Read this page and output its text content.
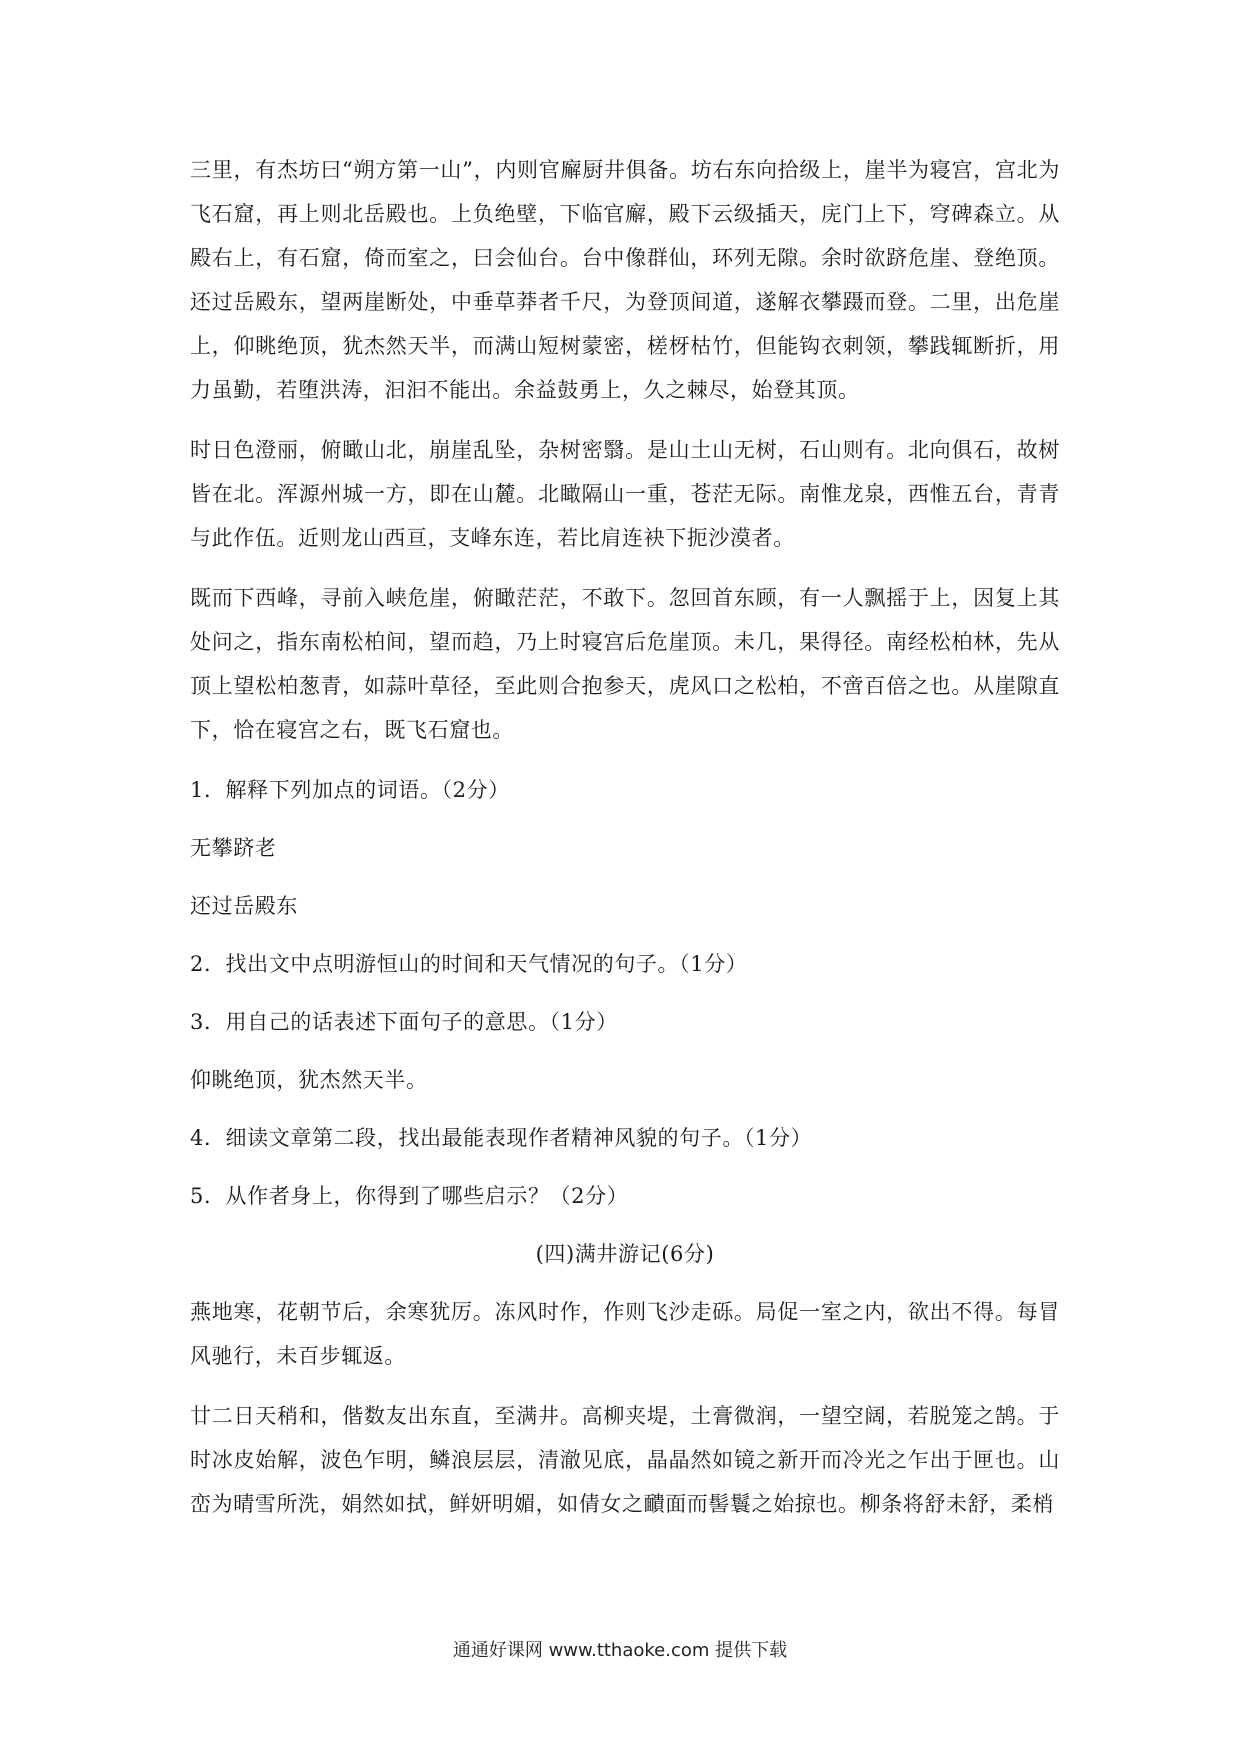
三里，有杰坊曰“朔方第一山”，内则官廨厨井俱备。坊右东向拾级上，崖半为寝宫，宫北为飞石窟，再上则北岳殿也。上负绝壁，下临官廨，殿下云级插天，庑门上下，穹碑森立。从殿右上，有石窟，倚而室之，曰会仙台。台中像群仙，环列无隙。余时欲跻危崖、登绝顶。还过岳殿东，望两崖断处，中垂草莽者千尺，为登顶间道，遂解衣攀蹑而登。二里，出危崖上，仰眺绝顶，犹杰然天半，而满山短树蒙密，槎枒枯竹，但能钩衣刺领，攀践辄断折，用力虽勤，若堕洪涛，汩汩不能出。余益鼓勇上，久之棘尽，始登其顶。

时日色澄丽，俯瞰山北，崩崖乱坠，杂树密翳。是山土山无树，石山则有。北向俱石，故树皆在北。浑源州城一方，即在山麓。北瞰隔山一重，苍茫无际。南惟龙泉，西惟五台，青青与此作伍。近则龙山西亘，支峰东连，若比肩连袂下扼沙漠者。

既而下西峰，寻前入峡危崖，俯瞰茫茫，不敢下。忽回首东顾，有一人飘摇于上，因复上其处问之，指东南松柏间，望而趋，乃上时寝宫后危崖顶。未几，果得径。南经松柏林，先从顶上望松柏葱青，如蒜叶草径，至此则合抱参天，虎风口之松柏，不啻百倍之也。从崖隙直下，恰在寝宫之右，既飞石窟也。

1．解释下列加点的词语。（2分）

无攀跻老

还过岳殿东

2．找出文中点明游恒山的时间和天气情况的句子。（1分）

3．用自己的话表述下面句子的意思。（1分）

仰眺绝顶，犹杰然天半。

4．细读文章第二段，找出最能表现作者精神风貌的句子。（1分）

5．从作者身上，你得到了哪些启示？（2分）

(四)满井游记(6分)

燕地寒，花朝节后，余寒犹厉。冻风时作，作则飞沙走砾。局促一室之内，欲出不得。每冒风驰行，未百步辄返。

廿二日天稍和，偕数友出东直，至满井。高柳夹堤，土膏微润，一望空阔，若脱笼之鹄。于时冰皮始解，波色乍明，鳞浪层层，清澈见底，晶晶然如镜之新开而冷光之乍出于匣也。山峦为晴雪所洗，娟然如拭，鲜妍明媚，如倩女之靧面而髻鬟之始掠也。柳条将舒未舒，柔梢

通通好课网 www.tthaoke.com 提供下载
